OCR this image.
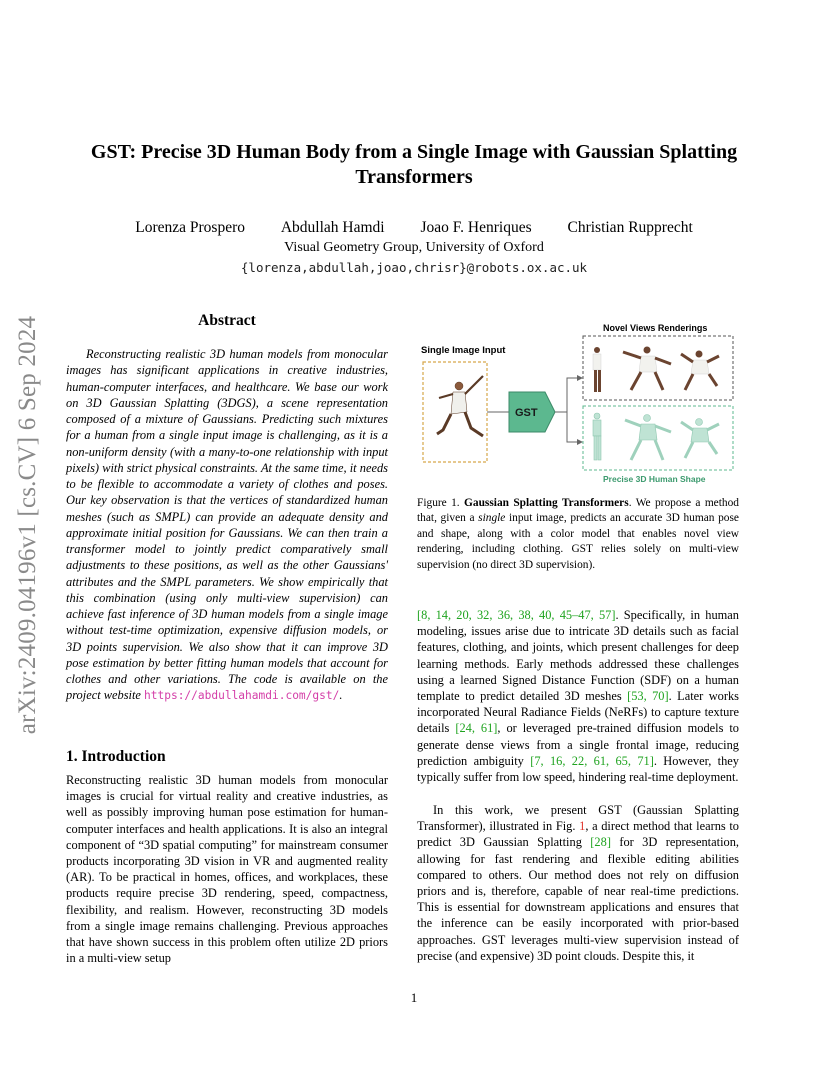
arXiv:2409.04196v1 [cs.CV] 6 Sep 2024
GST: Precise 3D Human Body from a Single Image with Gaussian Splatting
Transformers
Lorenza Prospero Abdullah Hamdi Joao F. Henriques Christian Rupprecht
Visual Geometry Group, University of Oxford
{lorenza,abdullah,joao,chrisr}@robots.ox.ac.uk
Abstract

Reconstructing realistic 3D human models from monocular images has significant applications in creative industries, human-computer interfaces, and healthcare. We base our work on 3D Gaussian Splatting (3DGS), a scene representation composed of a mixture of Gaussians. Predicting such mixtures for a human from a single input image is challenging, as it is a non-uniform density (with a many-to-one relationship with input pixels) with strict physical constraints. At the same time, it needs to be flexible to accommodate a variety of clothes and poses. Our key observation is that the vertices of standardized human meshes (such as SMPL) can provide an adequate density and approximate initial position for Gaussians. We can then train a transformer model to jointly predict comparatively small adjustments to these positions, as well as the other Gaussians' attributes and the SMPL parameters. We show empirically that this combination (using only multi-view supervision) can achieve fast inference of 3D human models from a single image without test-time optimization, expensive diffusion models, or 3D points supervision. We also show that it can improve 3D pose estimation by better fitting human models that account for clothes and other variations. The code is available on the project website https://abdullahamdi.com/gst/.

Single Image Input
GST
Novel Views Renderings
Precise 3D Human Shape
Figure 1. Gaussian Splatting Transformers. We propose a method that, given a single input image, predicts an accurate 3D human pose and shape, along with a color model that enables novel view rendering, including clothing. GST relies solely on multi-view supervision (no direct 3D supervision).
1. Introduction

Reconstructing realistic 3D human models from monocular images is crucial for virtual reality and creative industries, as well as possibly improving human pose estimation for human-computer interfaces and health applications. It is also an integral component of “3D spatial computing” for mainstream consumer products incorporating 3D vision in VR and augmented reality (AR). To be practical in homes, offices, and workplaces, these products require precise 3D rendering, speed, compactness, flexibility, and realism. However, reconstructing 3D models from a single image remains challenging. Previous approaches that have shown success in this problem often utilize 2D priors in a multi-view setup

[8, 14, 20, 32, 36, 38, 40, 45–47, 57]. Specifically, in human modeling, issues arise due to intricate 3D details such as facial features, clothing, and joints, which present challenges for deep learning methods. Early methods addressed these challenges using a learned Signed Distance Function (SDF) on a human template to predict detailed 3D meshes [53, 70]. Later works incorporated Neural Radiance Fields (NeRFs) to capture texture details [24, 61], or leveraged pre-trained diffusion models to generate dense views from a single frontal image, reducing prediction ambiguity [7, 16, 22, 61, 65, 71]. However, they typically suffer from low speed, hindering real-time deployment.

In this work, we present GST (Gaussian Splatting Transformer), illustrated in Fig. 1, a direct method that learns to predict 3D Gaussian Splatting [28] for 3D representation, allowing for fast rendering and flexible editing abilities compared to others. Our method does not rely on diffusion priors and is, therefore, capable of near real-time predictions. This is essential for downstream applications and ensures that the inference can be easily incorporated with prior-based approaches. GST leverages multi-view supervision instead of precise (and expensive) 3D point clouds. Despite this, it

1
